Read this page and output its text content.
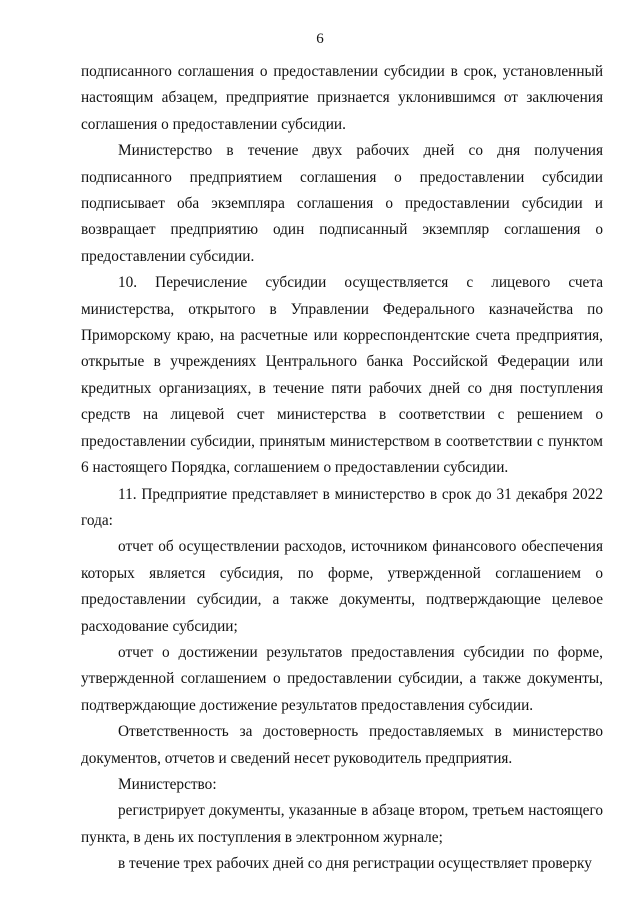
6

подписанного соглашения о предоставлении субсидии в срок, установленный настоящим абзацем, предприятие признается уклонившимся от заключения соглашения о предоставлении субсидии.

Министерство в течение двух рабочих дней со дня получения подписанного предприятием соглашения о предоставлении субсидии подписывает оба экземпляра соглашения о предоставлении субсидии и возвращает предприятию один подписанный экземпляр соглашения о предоставлении субсидии.

10. Перечисление субсидии осуществляется с лицевого счета министерства, открытого в Управлении Федерального казначейства по Приморскому краю, на расчетные или корреспондентские счета предприятия, открытые в учреждениях Центрального банка Российской Федерации или кредитных организациях, в течение пяти рабочих дней со дня поступления средств на лицевой счет министерства в соответствии с решением о предоставлении субсидии, принятым министерством в соответствии с пунктом 6 настоящего Порядка, соглашением о предоставлении субсидии.

11. Предприятие представляет в министерство в срок до 31 декабря 2022 года:

отчет об осуществлении расходов, источником финансового обеспечения которых является субсидия, по форме, утвержденной соглашением о предоставлении субсидии, а также документы, подтверждающие целевое расходование субсидии;

отчет о достижении результатов предоставления субсидии по форме, утвержденной соглашением о предоставлении субсидии, а также документы, подтверждающие достижение результатов предоставления субсидии.

Ответственность за достоверность предоставляемых в министерство документов, отчетов и сведений несет руководитель предприятия.

Министерство:

регистрирует документы, указанные в абзаце втором, третьем настоящего пункта, в день их поступления в электронном журнале;

в течение трех рабочих дней со дня регистрации осуществляет проверку
